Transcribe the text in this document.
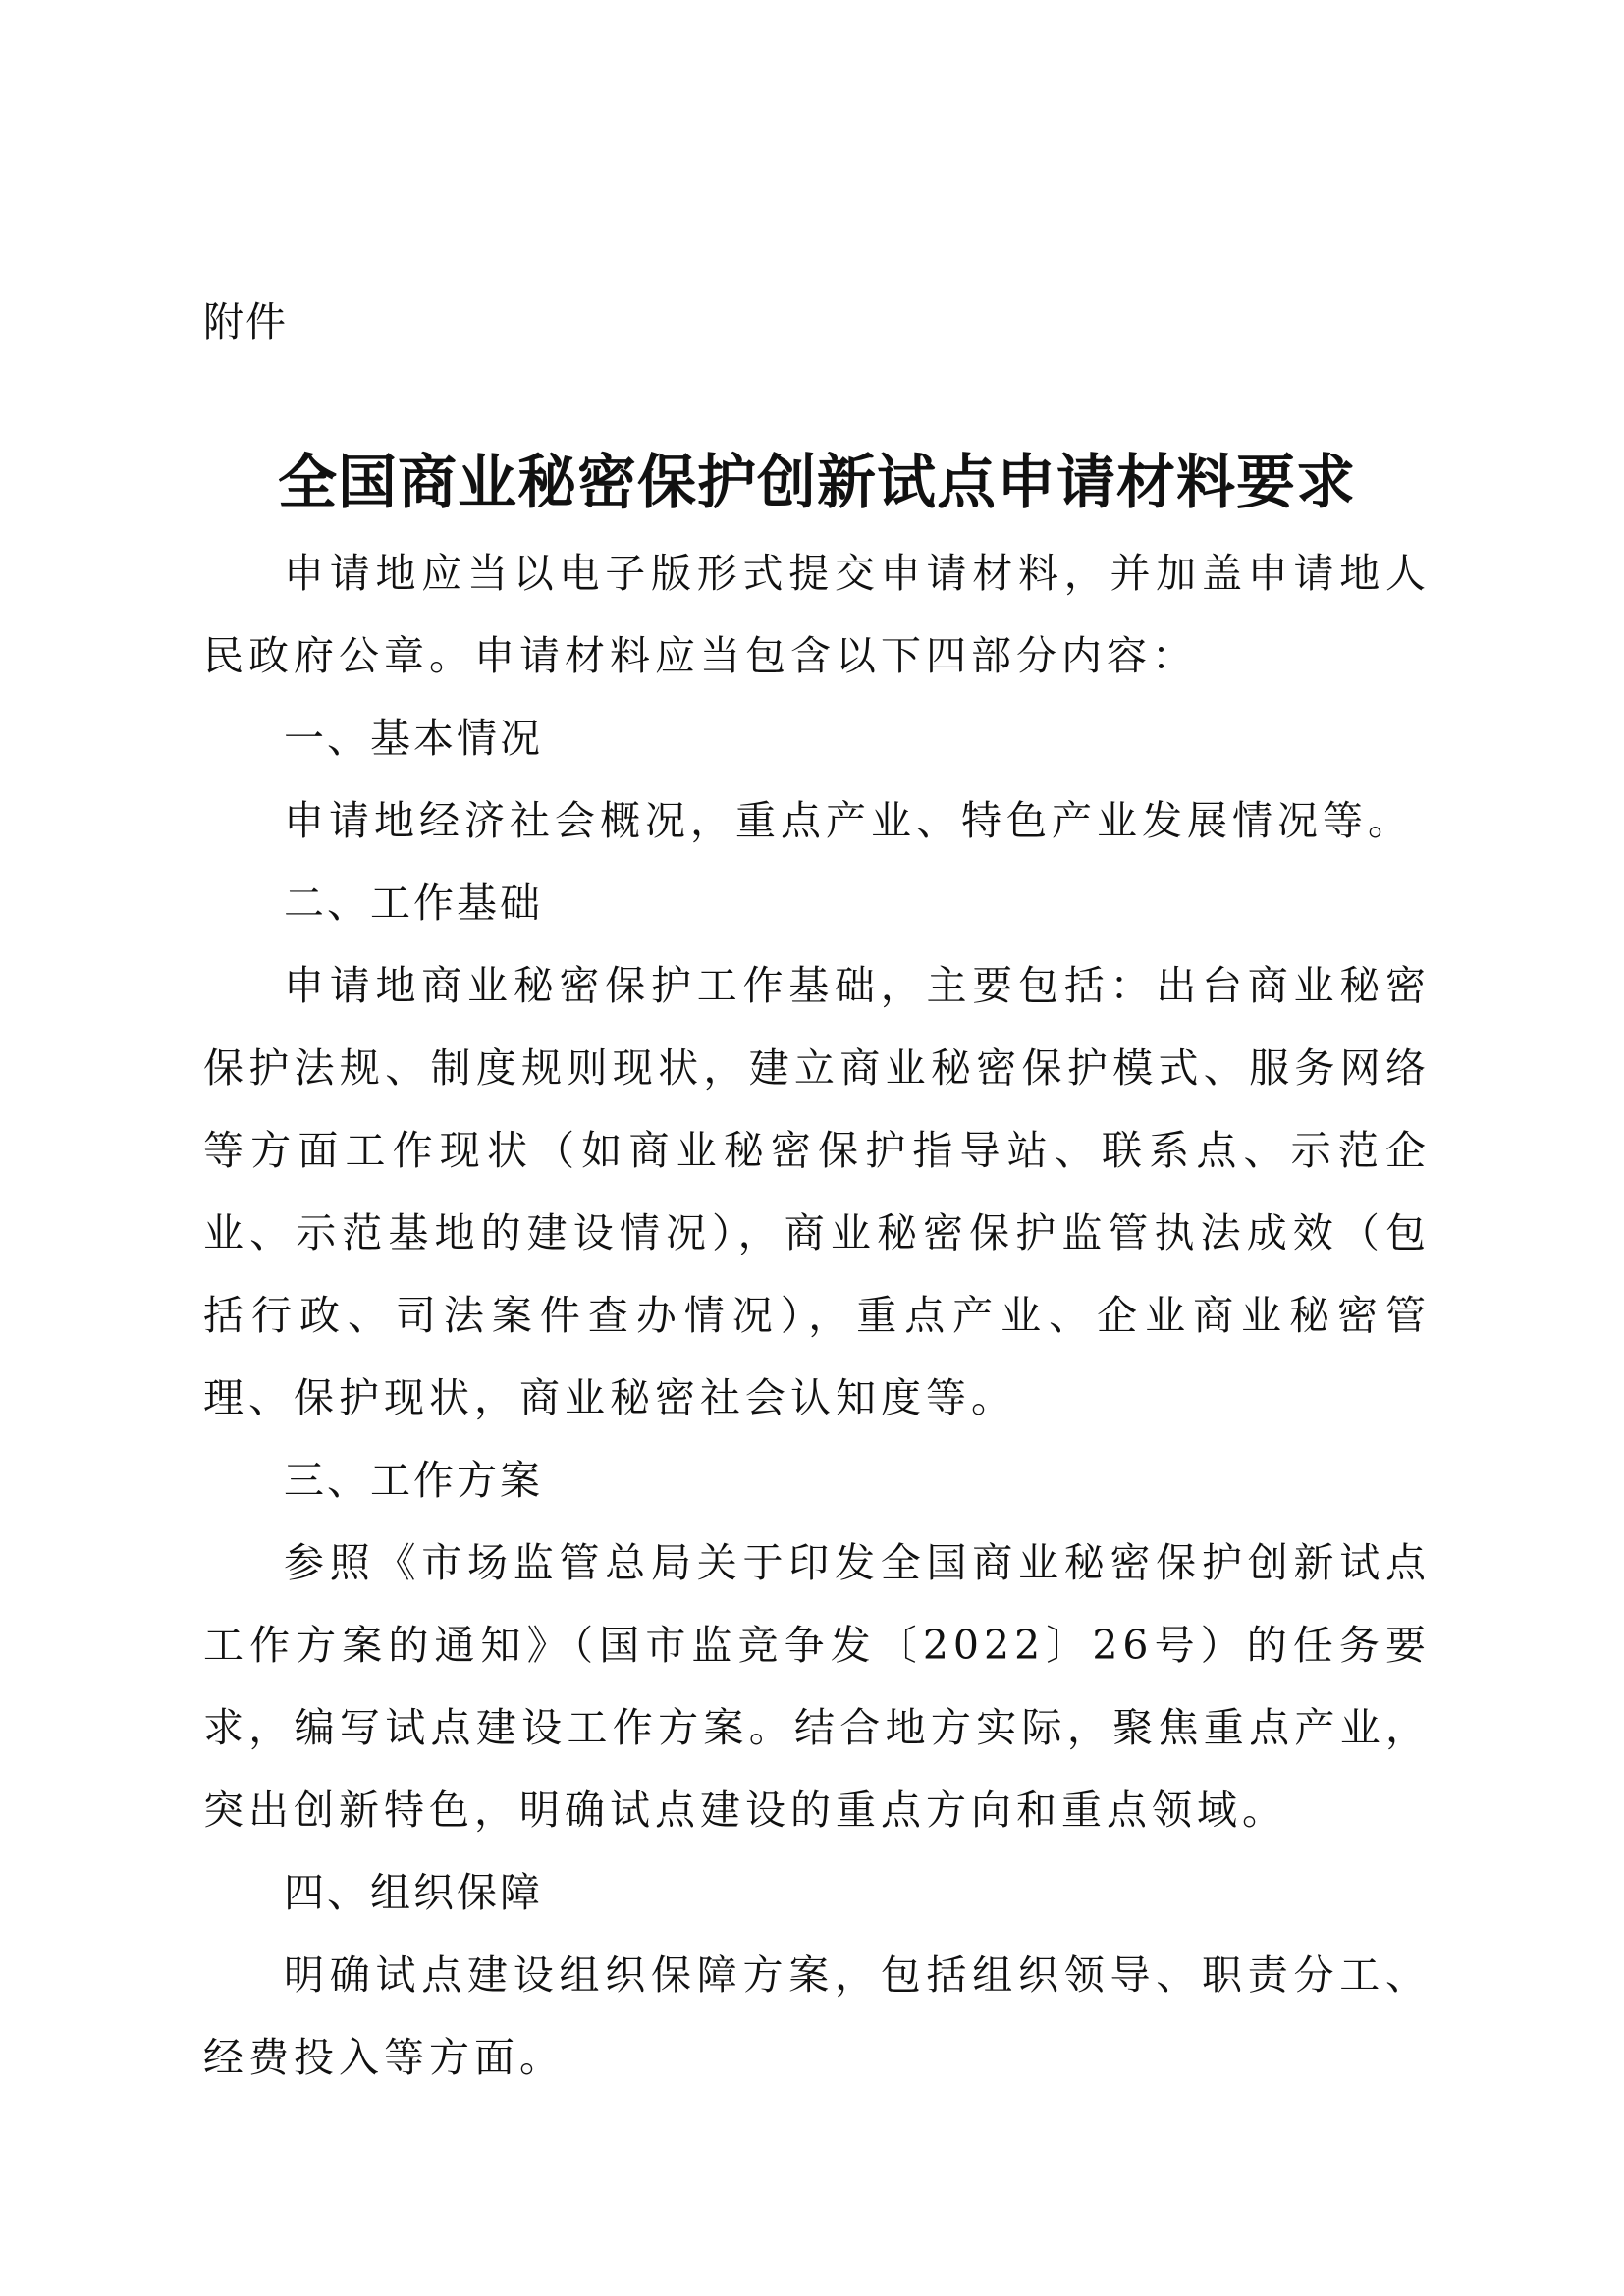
附件
全国商业秘密保护创新试点申请材料要求

申请地应当以电子版形式提交申请材料，并加盖申请地人民政府公章。申请材料应当包含以下四部分内容：

一、基本情况

申请地经济社会概况，重点产业、特色产业发展情况等。

二、工作基础

申请地商业秘密保护工作基础，主要包括：出台商业秘密保护法规、制度规则现状，建立商业秘密保护模式、服务网络等方面工作现状（如商业秘密保护指导站、联系点、示范企业、示范基地的建设情况），商业秘密保护监管执法成效（包括行政、司法案件查办情况），重点产业、企业商业秘密管理、保护现状，商业秘密社会认知度等。

三、工作方案

参照《市场监管总局关于印发全国商业秘密保护创新试点工作方案的通知》（国市监竞争发〔2022〕26号）的任务要求，编写试点建设工作方案。结合地方实际，聚焦重点产业，突出创新特色，明确试点建设的重点方向和重点领域。

四、组织保障

明确试点建设组织保障方案，包括组织领导、职责分工、经费投入等方面。
